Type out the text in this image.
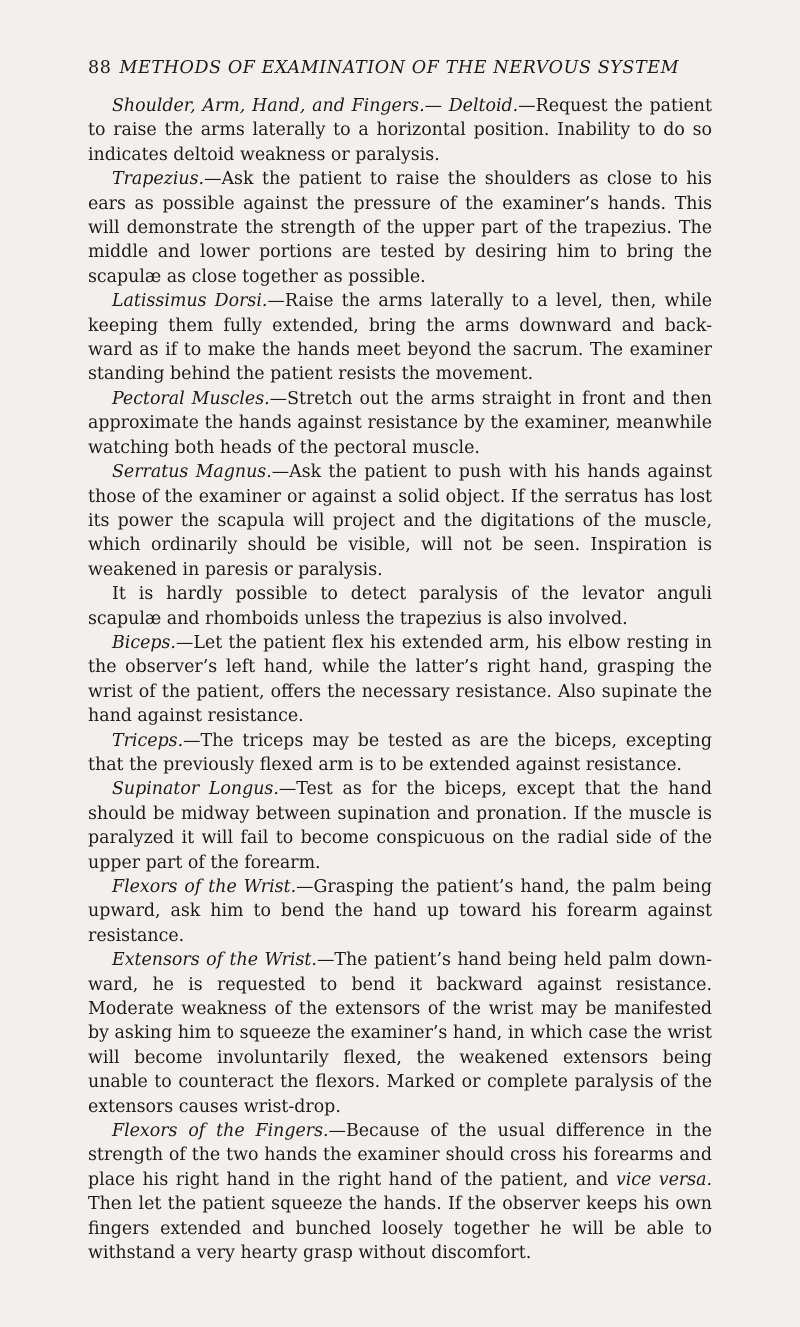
88 METHODS OF EXAMINATION OF THE NERVOUS SYSTEM

Shoulder, Arm, Hand, and Fingers.— Deltoid.—Request the patient to raise the arms laterally to a horizontal position. Inability to do so indicates deltoid weakness or paralysis.

Trapezius.—Ask the patient to raise the shoulders as close to his ears as possible against the pressure of the examiner’s hands. This will demonstrate the strength of the upper part of the trapezius. The middle and lower portions are tested by desiring him to bring the scapulæ as close together as possible.

Latissimus Dorsi.—Raise the arms laterally to a level, then, while keeping them fully extended, bring the arms downward and back-ward as if to make the hands meet beyond the sacrum. The examiner standing behind the patient resists the movement.

Pectoral Muscles.—Stretch out the arms straight in front and then approximate the hands against resistance by the examiner, meanwhile watching both heads of the pectoral muscle.

Serratus Magnus.—Ask the patient to push with his hands against those of the examiner or against a solid object. If the serratus has lost its power the scapula will project and the digitations of the muscle, which ordinarily should be visible, will not be seen. Inspiration is weakened in paresis or paralysis.

It is hardly possible to detect paralysis of the levator anguli scapulæ and rhomboids unless the trapezius is also involved.

Biceps.—Let the patient flex his extended arm, his elbow resting in the observer’s left hand, while the latter’s right hand, grasping the wrist of the patient, offers the necessary resistance. Also supinate the hand against resistance.

Triceps.—The triceps may be tested as are the biceps, excepting that the previously flexed arm is to be extended against resistance.

Supinator Longus.—Test as for the biceps, except that the hand should be midway between supination and pronation. If the muscle is paralyzed it will fail to become conspicuous on the radial side of the upper part of the forearm.

Flexors of the Wrist.—Grasping the patient’s hand, the palm being upward, ask him to bend the hand up toward his forearm against resistance.

Extensors of the Wrist.—The patient’s hand being held palm down-ward, he is requested to bend it backward against resistance. Moderate weakness of the extensors of the wrist may be manifested by asking him to squeeze the examiner’s hand, in which case the wrist will become involuntarily flexed, the weakened extensors being unable to counteract the flexors. Marked or complete paralysis of the extensors causes wrist-drop.

Flexors of the Fingers.—Because of the usual difference in the strength of the two hands the examiner should cross his forearms and place his right hand in the right hand of the patient, and vice versa. Then let the patient squeeze the hands. If the observer keeps his own fingers extended and bunched loosely together he will be able to withstand a very hearty grasp without discomfort.
